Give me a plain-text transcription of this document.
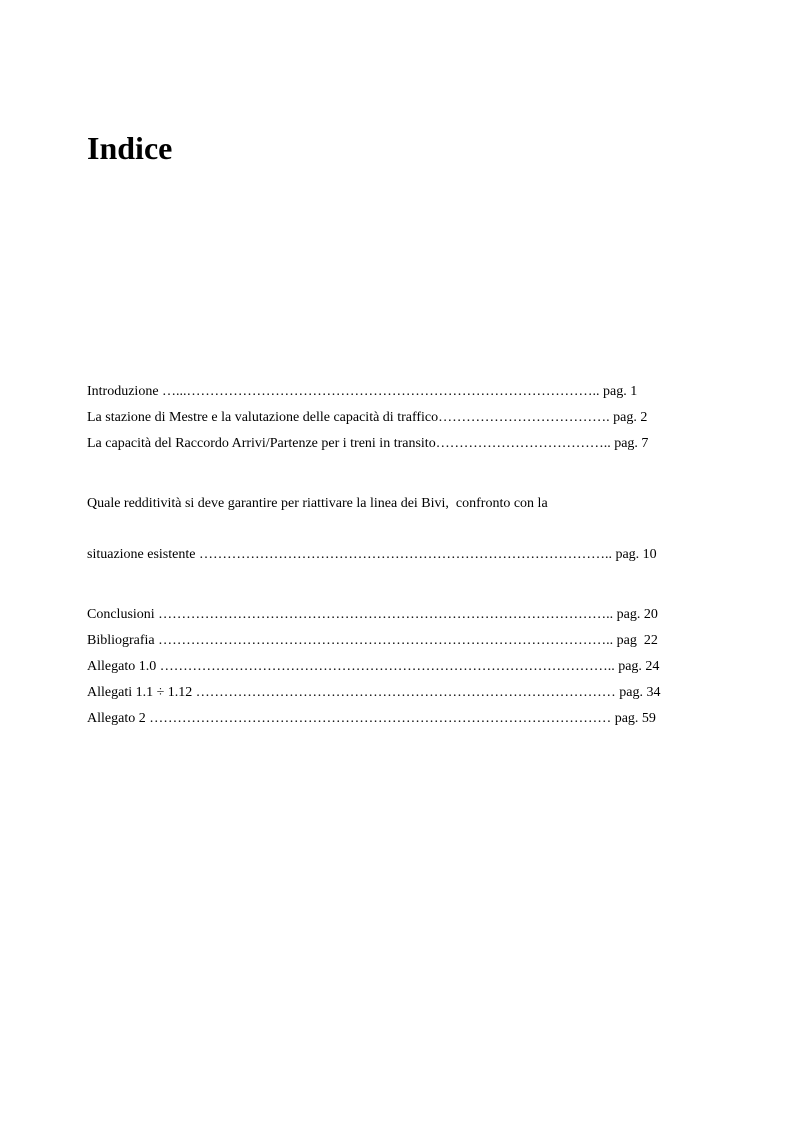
Indice
Introduzione …...…………………………………………………………………………….. pag. 1
La stazione di Mestre e la valutazione delle capacità di traffico………………………………. pag. 2
La capacità del Raccordo Arrivi/Partenze per i treni in transito……………………………….. pag. 7

Quale redditività si deve garantire per riattivare la linea dei Bivi,  confronto con la

situazione esistente …………………………………………………………………………….. pag. 10

Conclusioni …………………………………………………………………………………….. pag. 20
Bibliografia …………………………………………………………………………………….. pag  22
Allegato 1.0 …………………………………………………………………………………….. pag. 24
Allegati 1.1 ÷ 1.12 ……………………………………………………………………………… pag. 34
Allegato 2 ……………………………………………………………………………………… pag. 59
